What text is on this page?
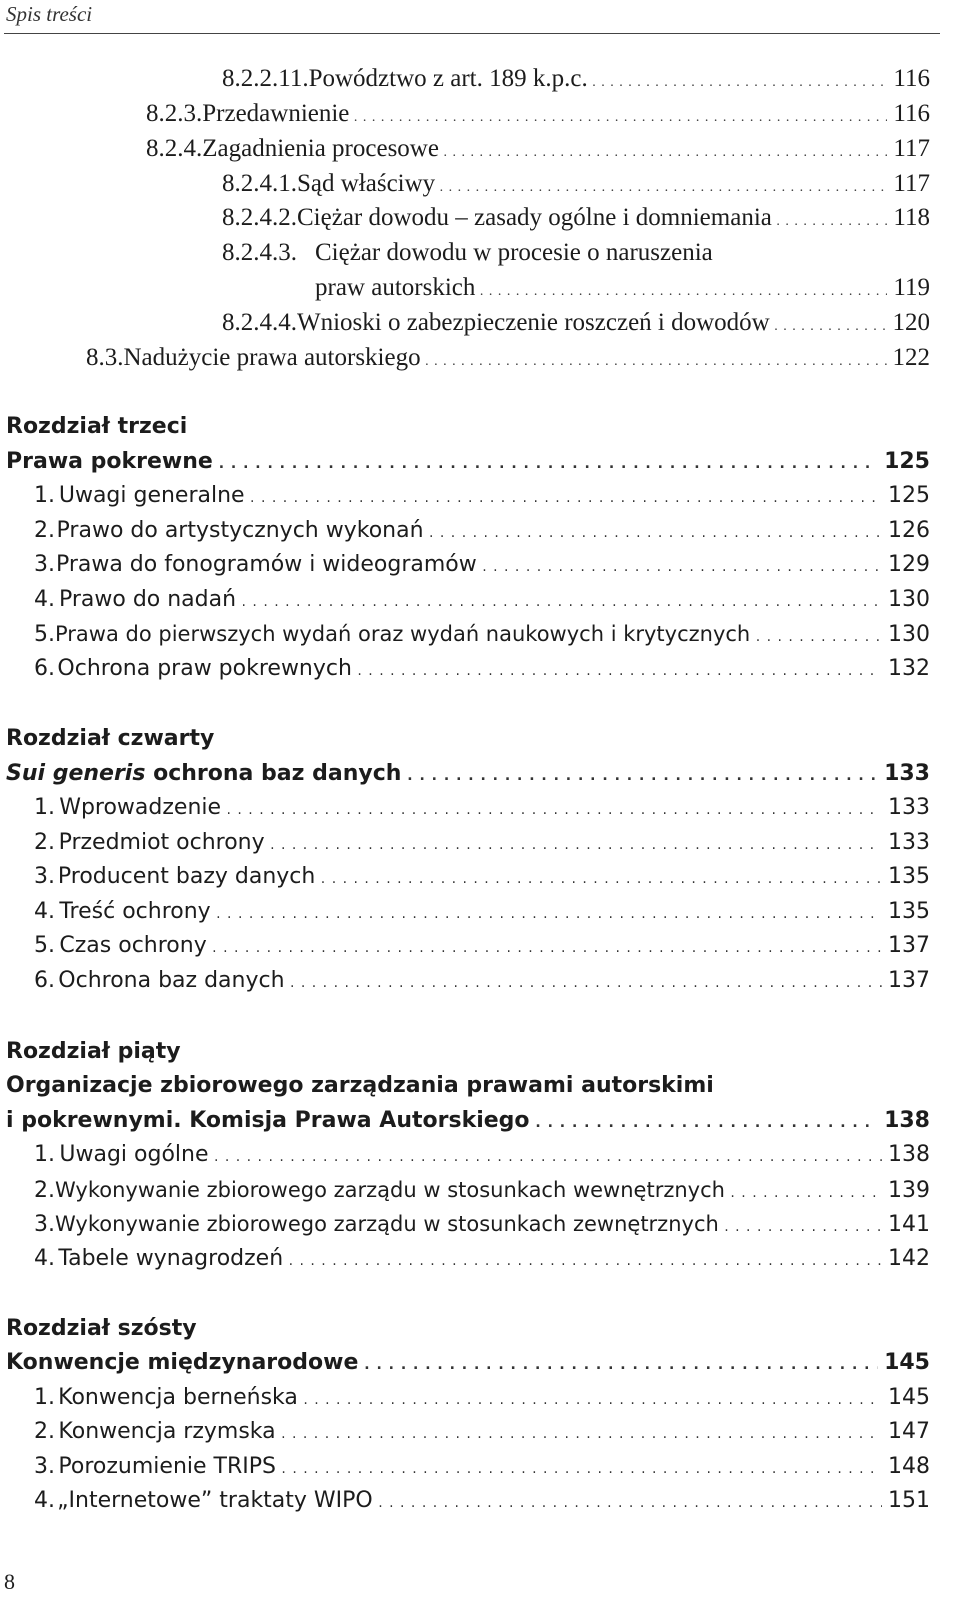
Spis treści
8.2.2.11. Powództwo z art. 189 k.p.c. . . .	116
8.2.3. Przedawnienie . . .	116
8.2.4. Zagadnienia procesowe . . .	117
8.2.4.1. Sąd właściwy . . .	117
8.2.4.2. Ciężar dowodu – zasady ogólne i domniemania . . .	118
8.2.4.3. Ciężar dowodu w procesie o naruszenia
praw autorskich . . .	119
8.2.4.4. Wnioski o zabezpieczenie roszczeń i dowodów . . .	120
8.3. Nadużycie prawa autorskiego . . .	122
Rozdział trzeci
Prawa pokrewne . . .	125
1. Uwagi generalne . . .	125
2. Prawo do artystycznych wykonań . . .	126
3. Prawa do fonogramów i wideogramów . . .	129
4. Prawo do nadań . . .	130
5. Prawa do pierwszych wydań oraz wydań naukowych i krytycznych . . .	130
6. Ochrona praw pokrewnych . . .	132
Rozdział czwarty
Sui generis ochrona baz danych . . .	133
1. Wprowadzenie . . .	133
2. Przedmiot ochrony . . .	133
3. Producent bazy danych . . .	135
4. Treść ochrony . . .	135
5. Czas ochrony . . .	137
6. Ochrona baz danych . . .	137
Rozdział piąty
Organizacje zbiorowego zarządzania prawami autorskimi
i pokrewnymi. Komisja Prawa Autorskiego . . .	138
1. Uwagi ogólne . . .	138
2. Wykonywanie zbiorowego zarządu w stosunkach wewnętrznych . . .	139
3. Wykonywanie zbiorowego zarządu w stosunkach zewnętrznych . . .	141
4. Tabele wynagrodzeń . . .	142
Rozdział szósty
Konwencje międzynarodowe . . .	145
1. Konwencja berneńska . . .	145
2. Konwencja rzymska . . .	147
3. Porozumienie TRIPS . . .	148
4. „Internetowe” traktaty WIPO . . .	151
8
